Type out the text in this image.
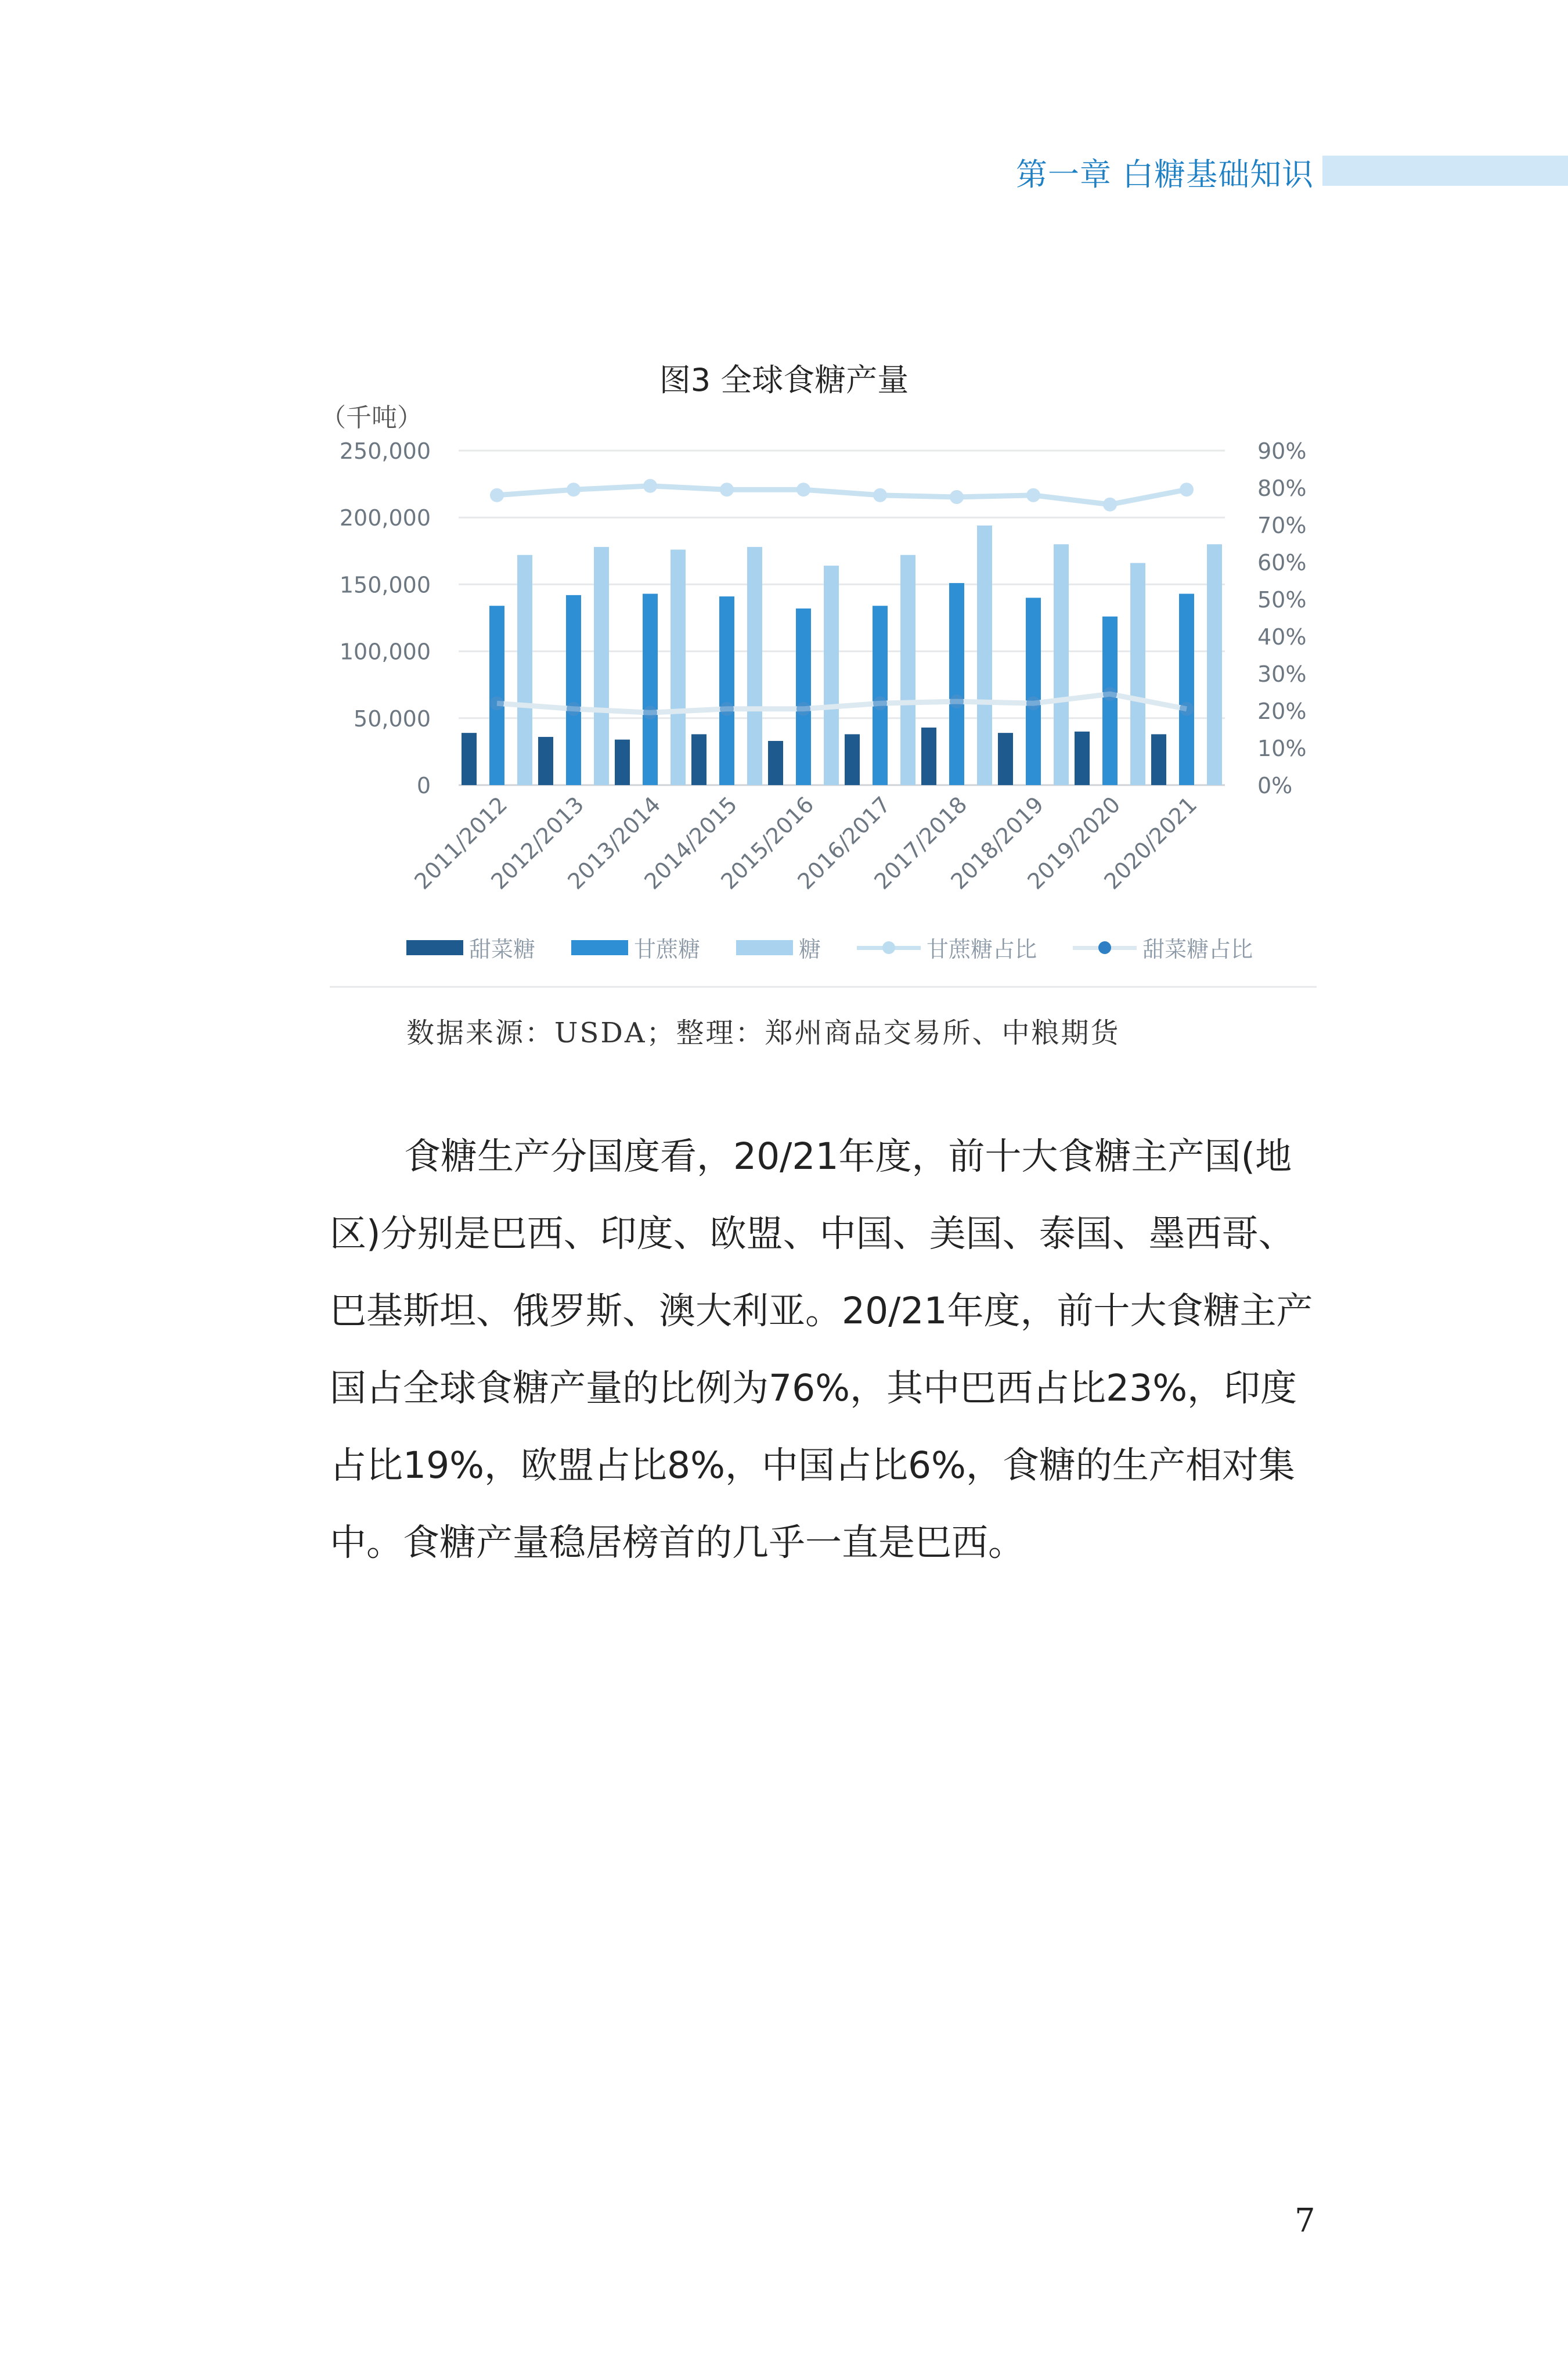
第一章 白糖基础知识
图3 全球食糖产量
0
50,000
100,000
150,000
200,000
250,000
0%
10%
20%
30%
40%
50%
60%
70%
80%
90%
2011/2012
2012/2013
2013/2014
2014/2015
2015/2016
2016/2017
2017/2018
2018/2019
2019/2020
2020/2021
（千吨）
甜菜糖	甘蔗糖	糖	甘蔗糖占比	甜菜糖占比
数据来源：USDA；整理：郑州商品交易所、中粮期货
食糖生产分国度看，20/21年度，前十大食糖主产国(地
区)分别是巴西、印度、欧盟、中国、美国、泰国、墨西哥、
巴基斯坦、俄罗斯、澳大利亚。20/21年度，前十大食糖主产
国占全球食糖产量的比例为76%，其中巴西占比23%，印度
占比19%，欧盟占比8%，中国占比6%，食糖的生产相对集
中。食糖产量稳居榜首的几乎一直是巴西。
7
